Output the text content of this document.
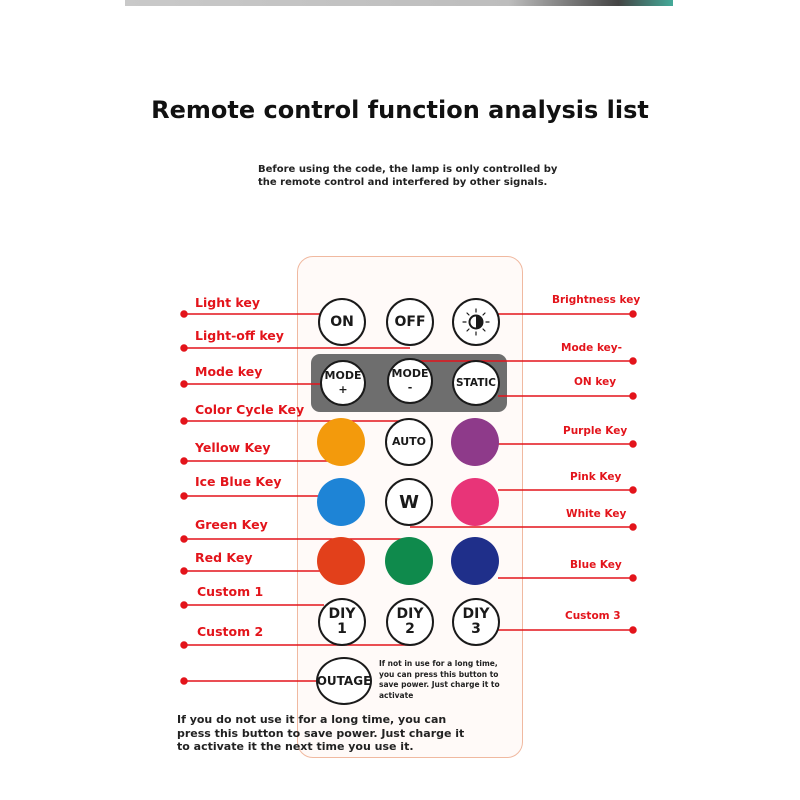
Remote control function analysis list
Before using the code, the lamp is only controlled by the remote control and interfered by other signals.
ON	OFF
MODE
+
MODE
-	STATIC
AUTO
W
DIY
1
DIY
2
DIY
3
OUTAGE
If not in use for a long time, you can press this button to save power. Just charge it to activate
Light key
Light-off key
Mode key
Color Cycle Key
Yellow Key
Ice Blue Key
Green Key
Red Key
Custom 1
Custom 2
Brightness key
Mode key-
ON key
Purple Key
Pink Key
White Key
Blue Key
Custom 3
If you do not use it for a long time, you can press this button to save power. Just charge it to activate it the next time you use it.
